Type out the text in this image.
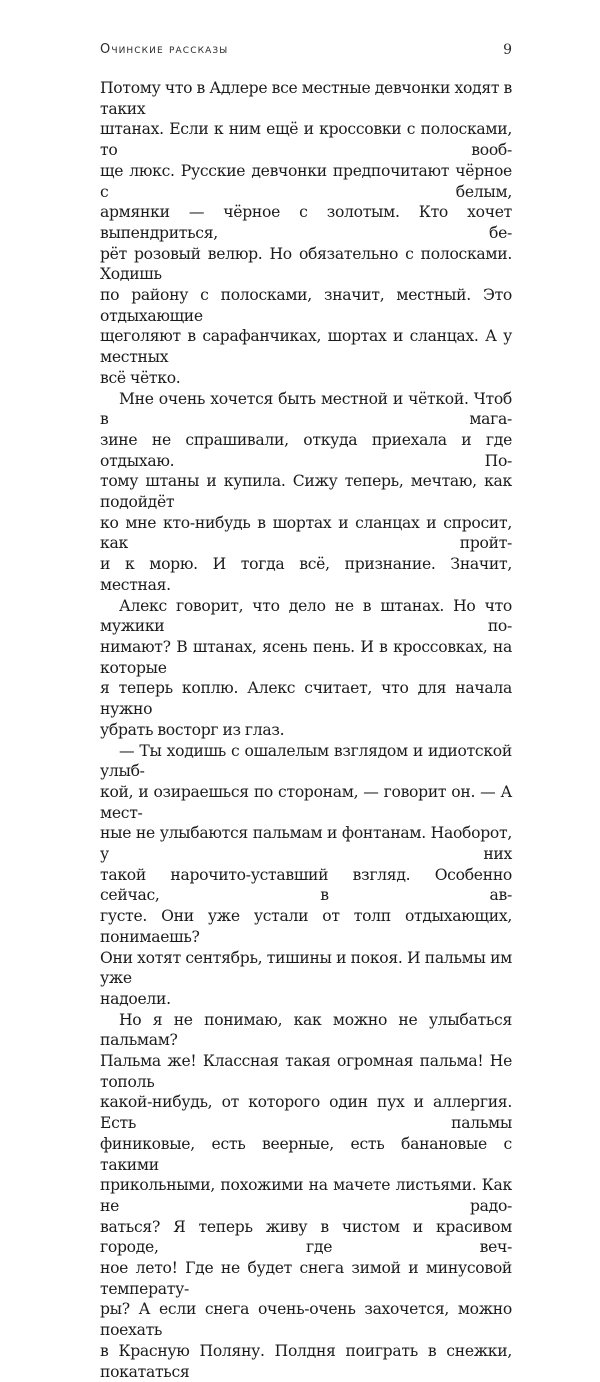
Очинские рассказы	9
Потому что в Адлере все местные девчонки ходят в таких
штанах. Если к ним ещё и кроссовки с полосками, то вооб-
ще люкс. Русские девчонки предпочитают чёрное с белым,
армянки — чёрное с золотым. Кто хочет выпендриться, бе-
рёт розовый велюр. Но обязательно с полосками. Ходишь
по району с полосками, значит, местный. Это отдыхающие
щеголяют в сарафанчиках, шортах и сланцах. А у местных
всё чётко.
Мне очень хочется быть местной и чёткой. Чтоб в мага-
зине не спрашивали, откуда приехала и где отдыхаю. По-
тому штаны и купила. Сижу теперь, мечтаю, как подойдёт
ко мне кто-нибудь в шортах и сланцах и спросит, как пройт-
и к морю. И тогда всё, признание. Значит, местная.
Алекс говорит, что дело не в штанах. Но что мужики по-
нимают? В штанах, ясень пень. И в кроссовках, на которые
я теперь коплю. Алекс считает, что для начала нужно
убрать восторг из глаз.
— Ты ходишь с ошалелым взглядом и идиотской улыб-
кой, и озираешься по сторонам, — говорит он. — А мест-
ные не улыбаются пальмам и фонтанам. Наоборот, у них
такой нарочито-уставший взгляд. Особенно сейчас, в ав-
густе. Они уже устали от толп отдыхающих, понимаешь?
Они хотят сентябрь, тишины и покоя. И пальмы им уже
надоели.
Но я не понимаю, как можно не улыбаться пальмам?
Пальма же! Классная такая огромная пальма! Не тополь
какой-нибудь, от которого один пух и аллергия. Есть пальмы
финиковые, есть веерные, есть банановые с такими
прикольными, похожими на мачете листьями. Как не радо-
ваться? Я теперь живу в чистом и красивом городе, где веч-
ное лето! Где не будет снега зимой и минусовой температу-
ры? А если снега очень-очень захочется, можно поехать
в Красную Поляну. Полдня поиграть в снежки, покататься
